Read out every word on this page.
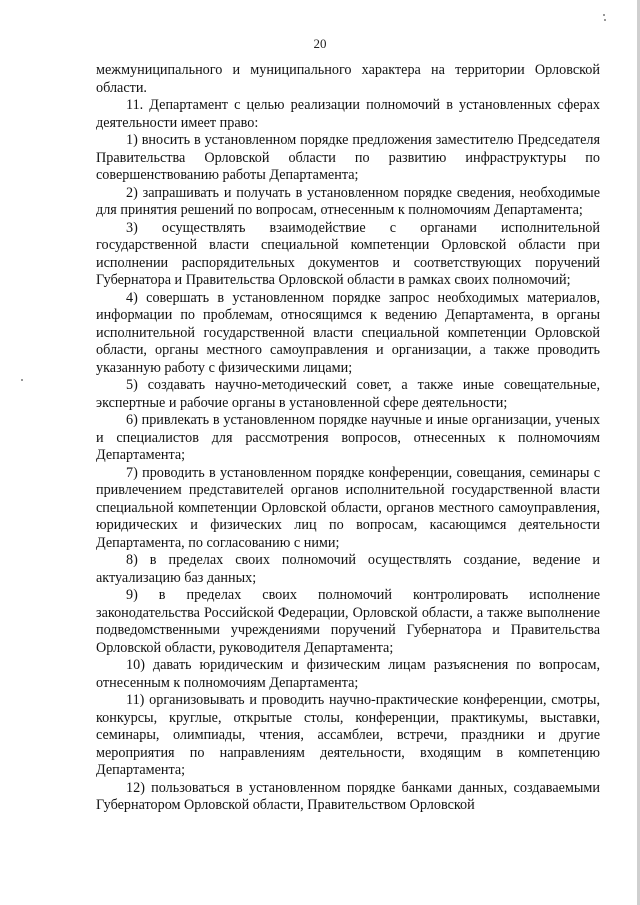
20

межмуниципального и муниципального характера на территории Орловской области.

11. Департамент с целью реализации полномочий в установленных сферах деятельности имеет право:

1) вносить в установленном порядке предложения заместителю Председателя Правительства Орловской области по развитию инфраструктуры по совершенствованию работы Департамента;

2) запрашивать и получать в установленном порядке сведения, необходимые для принятия решений по вопросам, отнесенным к полномочиям Департамента;

3) осуществлять взаимодействие с органами исполнительной государственной власти специальной компетенции Орловской области при исполнении распорядительных документов и соответствующих поручений Губернатора и Правительства Орловской области в рамках своих полномочий;

4) совершать в установленном порядке запрос необходимых материалов, информации по проблемам, относящимся к ведению Департамента, в органы исполнительной государственной власти специальной компетенции Орловской области, органы местного самоуправления и организации, а также проводить указанную работу с физическими лицами;

5) создавать научно-методический совет, а также иные совещательные, экспертные и рабочие органы в установленной сфере деятельности;

6) привлекать в установленном порядке научные и иные организации, ученых и специалистов для рассмотрения вопросов, отнесенных к полномочиям Департамента;

7) проводить в установленном порядке конференции, совещания, семинары с привлечением представителей органов исполнительной государственной власти специальной компетенции Орловской области, органов местного самоуправления, юридических и физических лиц по вопросам, касающимся деятельности Департамента, по согласованию с ними;

8) в пределах своих полномочий осуществлять создание, ведение и актуализацию баз данных;

9) в пределах своих полномочий контролировать исполнение законодательства Российской Федерации, Орловской области, а также выполнение подведомственными учреждениями поручений Губернатора и Правительства Орловской области, руководителя Департамента;

10) давать юридическим и физическим лицам разъяснения по вопросам, отнесенным к полномочиям Департамента;

11) организовывать и проводить научно-практические конференции, смотры, конкурсы, круглые, открытые столы, конференции, практикумы, выставки, семинары, олимпиады, чтения, ассамблеи, встречи, праздники и другие мероприятия по направлениям деятельности, входящим в компетенцию Департамента;

12) пользоваться в установленном порядке банками данных, создаваемыми Губернатором Орловской области, Правительством Орловской
